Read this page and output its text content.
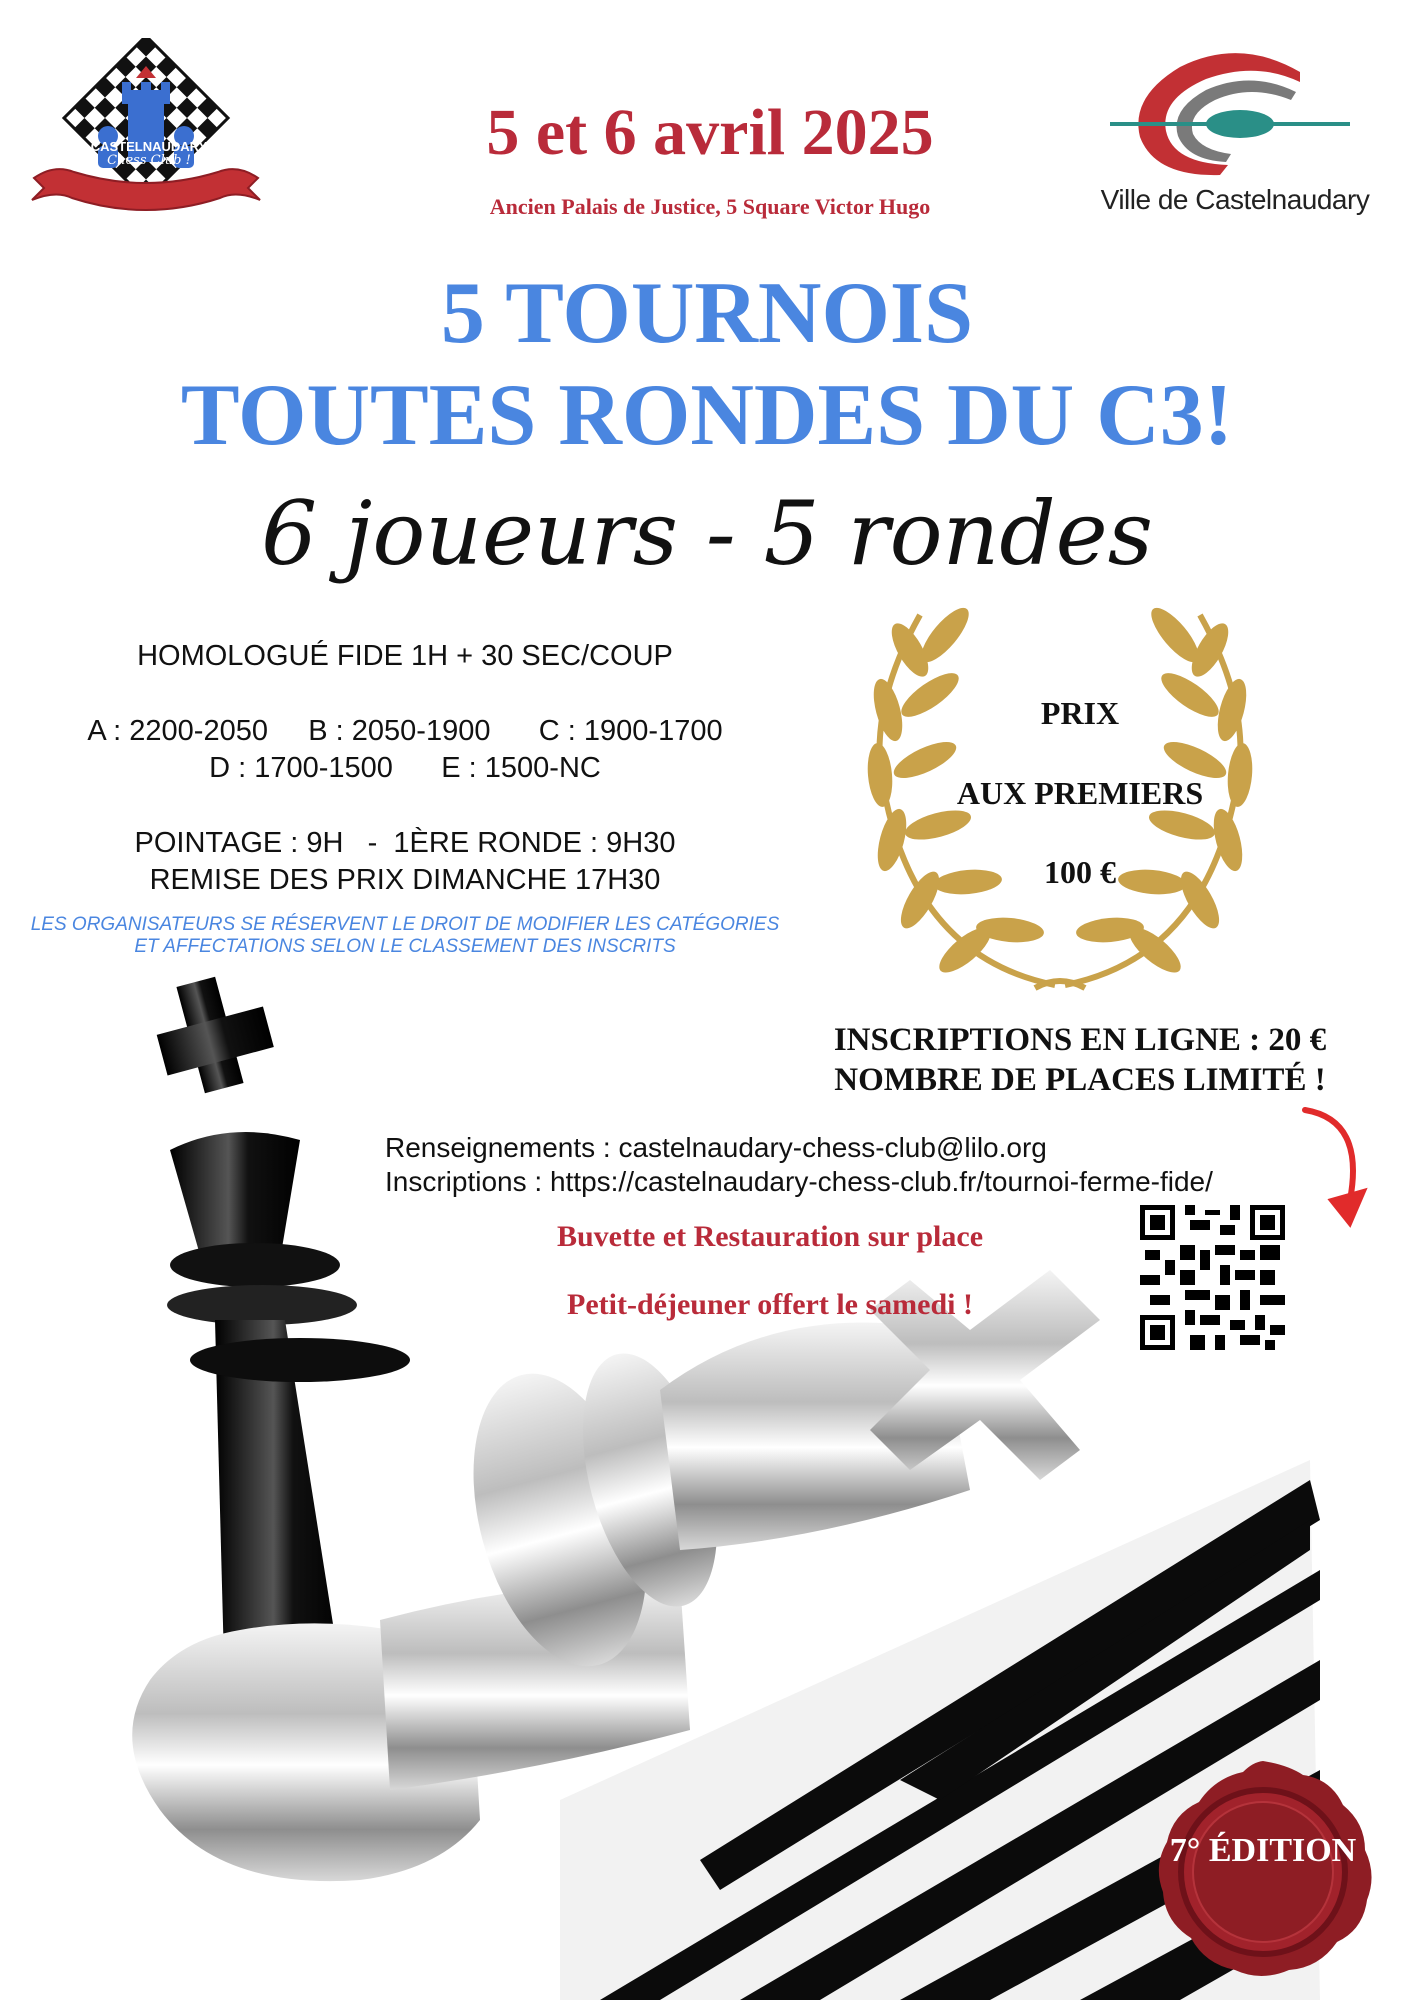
CASTELNAUDARY
Chess Club !	5 et 6 avril 2025
Ancien Palais de Justice, 5 Square Victor Hugo	Ville de Castelnaudary
5 TOURNOIS
TOUTES RONDES DU C3!
6 joueurs - 5 rondes
HOMOLOGUÉ FIDE 1H + 30 SEC/COUP
A : 2200-2050     B : 2050-1900      C : 1900-1700
D : 1700-1500      E : 1500-NC
POINTAGE : 9H   -  1ÈRE RONDE : 9H30
REMISE DES PRIX DIMANCHE 17H30
LES ORGANISATEURS SE RÉSERVENT LE DROIT DE MODIFIER LES CATÉGORIES ET AFFECTATIONS SELON LE CLASSEMENT DES INSCRITS
PRIX
AUX PREMIERS
100 €
INSCRIPTIONS EN LIGNE : 20 €
NOMBRE DE PLACES LIMITÉ !
Renseignements : castelnaudary-chess-club@lilo.org
Inscriptions : https://castelnaudary-chess-club.fr/tournoi-ferme-fide/
Buvette et Restauration sur place
Petit-déjeuner offert le samedi !
7° ÉDITION
